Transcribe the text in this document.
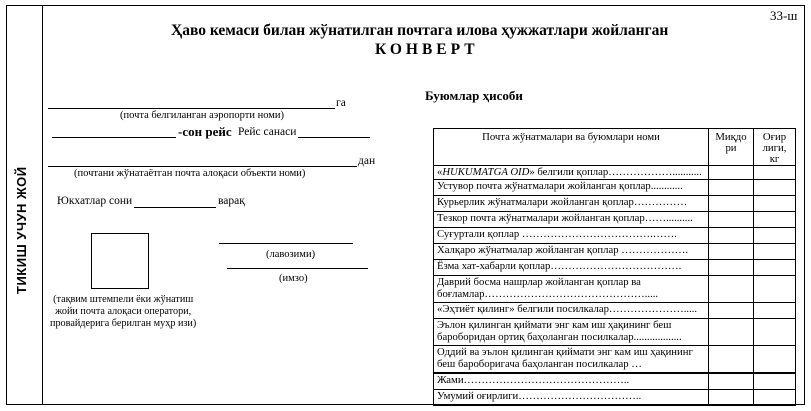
ТИКИШ УЧУН ЖОЙ
33-ш
Ҳаво кемаси билан жўнатилган почтага илова ҳужжатлари жойланган
КОНВЕРТ
га
(почта белгиланган аэропорти номи)
-сон рейс Рейс санаси
дан
(почтани жўнатаётган почта алоқаси объекти номи)
Юкхатлар сони	варақ
(лавозими)
(имзо)
(тақвим штемпели ёки жўнатиш
жойи почта алоқаси оператори,
провайдерига берилган муҳр изи)
Буюмлар ҳисоби
Почта жўнатмалари ва буюмлари номи	Миқдо ри	Оғир лиги, кг
«HUKUMATGA OID» белгили қоплар………………...........		
Устувор почта жўнатмалари жойланган қоплар............		
Курьерлик жўнатмалари жойланган қоплар……………		
Тезкор почта жўнатмалари жойланган қоплар……..........		
Суғуртали қоплар ……………………………….…….		
Халқаро жўнатмалар жойланган қоплар ……………….		
Ёзма хат-хабарли қоплар……………………………….		
Даврий босма нашрлар жойланган қоплар ва боғламлар……………………………………….....		
«Эҳтиёт қилинг» белгили посилкалар………………….....		
Эълон қилинган қиймати энг кам иш ҳақининг беш бароборидан ортиқ баҳоланган посилкалар..................		
Оддий ва эълон қилинган қиймати энг кам иш ҳақининг беш бароборигача баҳоланган посилкалар …		
Жами………………………………………..		
Умумий оғирлиги……………………………..		
